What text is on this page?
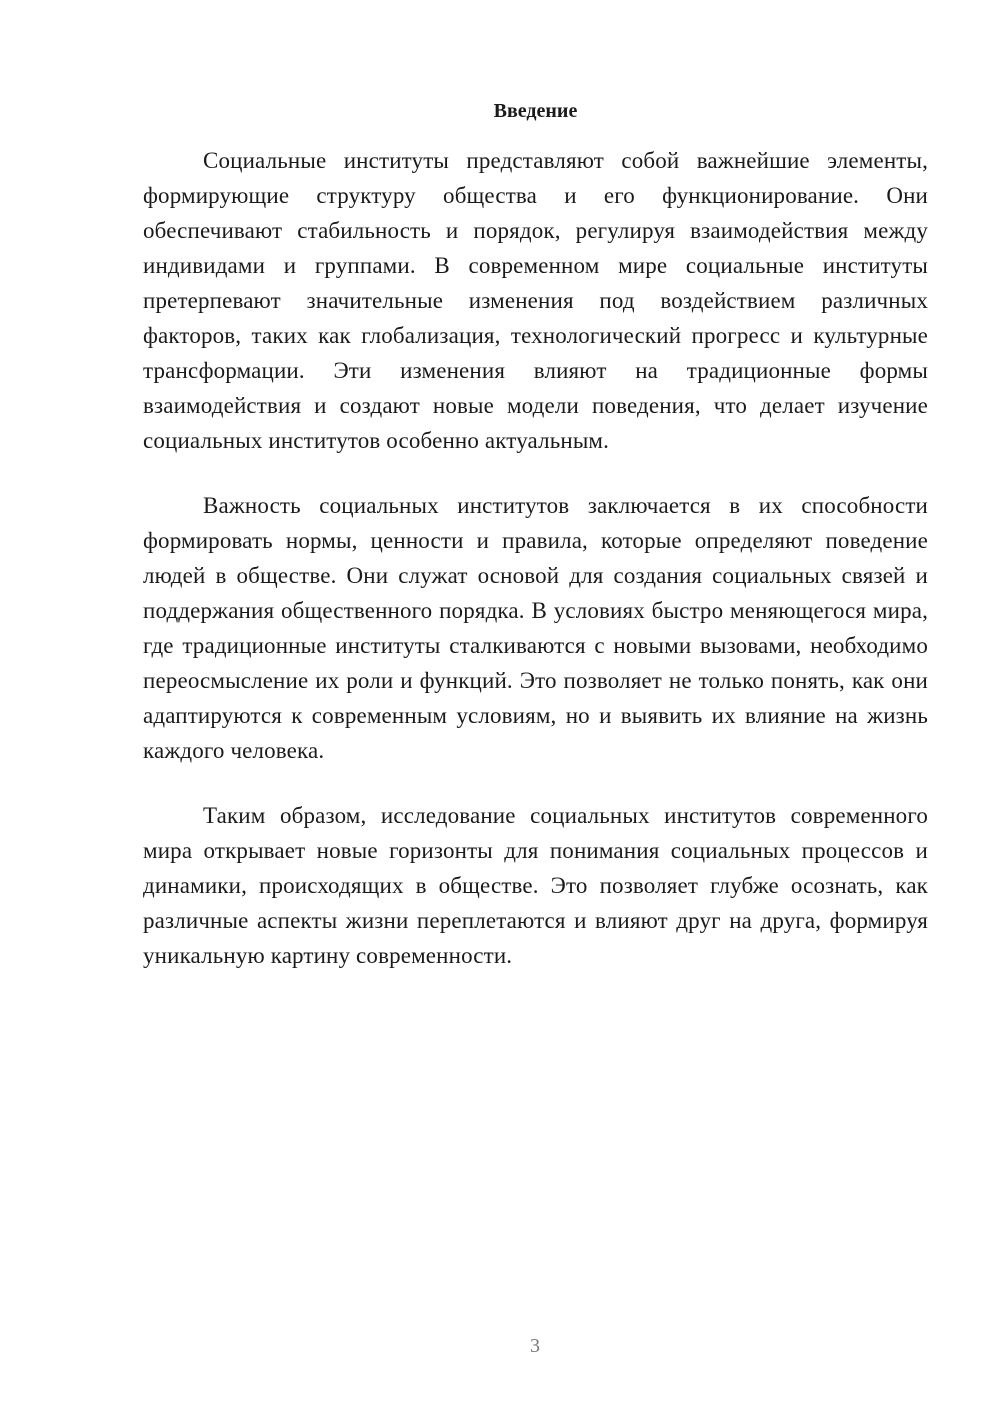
Введение

Социальные институты представляют собой важнейшие элементы, формирующие структуру общества и его функционирование. Они обеспечивают стабильность и порядок, регулируя взаимодействия между индивидами и группами. В современном мире социальные институты претерпевают значительные изменения под воздействием различных факторов, таких как глобализация, технологический прогресс и культурные трансформации. Эти изменения влияют на традиционные формы взаимодействия и создают новые модели поведения, что делает изучение социальных институтов особенно актуальным.

Важность социальных институтов заключается в их способности формировать нормы, ценности и правила, которые определяют поведение людей в обществе. Они служат основой для создания социальных связей и поддержания общественного порядка. В условиях быстро меняющегося мира, где традиционные институты сталкиваются с новыми вызовами, необходимо переосмысление их роли и функций. Это позволяет не только понять, как они адаптируются к современным условиям, но и выявить их влияние на жизнь каждого человека.

Таким образом, исследование социальных институтов современного мира открывает новые горизонты для понимания социальных процессов и динамики, происходящих в обществе. Это позволяет глубже осознать, как различные аспекты жизни переплетаются и влияют друг на друга, формируя уникальную картину современности.

3
